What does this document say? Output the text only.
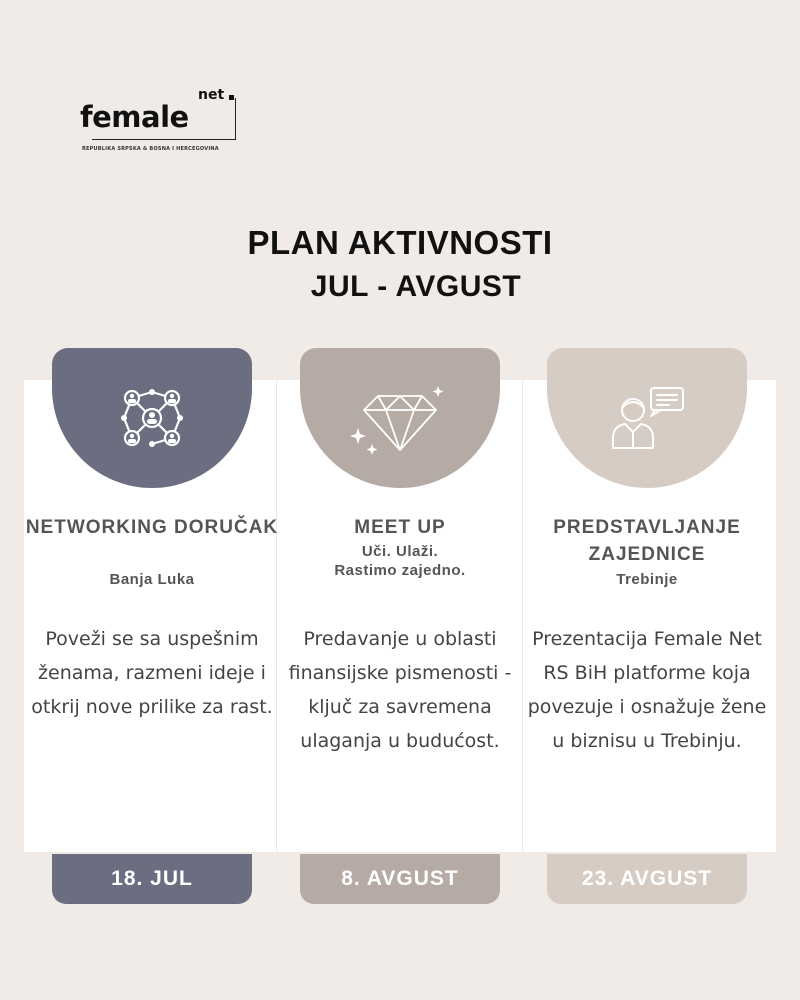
net
female
REPUBLIKA SRPSKA & BOSNA I HERCEGOVINA
PLAN AKTIVNOSTI
JUL - AVGUST
NETWORKING DORUČAK
Banja Luka
Poveži se sa uspešnim ženama, razmeni ideje i otkrij nove prilike za rast.
18. JUL
MEET UP
Uči. Ulaži.
Rastimo zajedno.
Predavanje u oblasti finansijske pismenosti - ključ za savremena ulaganja u budućost.
8. AVGUST
PREDSTAVLJANJE ZAJEDNICE
Trebinje
Prezentacija Female Net RS BiH platforme koja povezuje i osnažuje žene u biznisu u Trebinju.
23. AVGUST
